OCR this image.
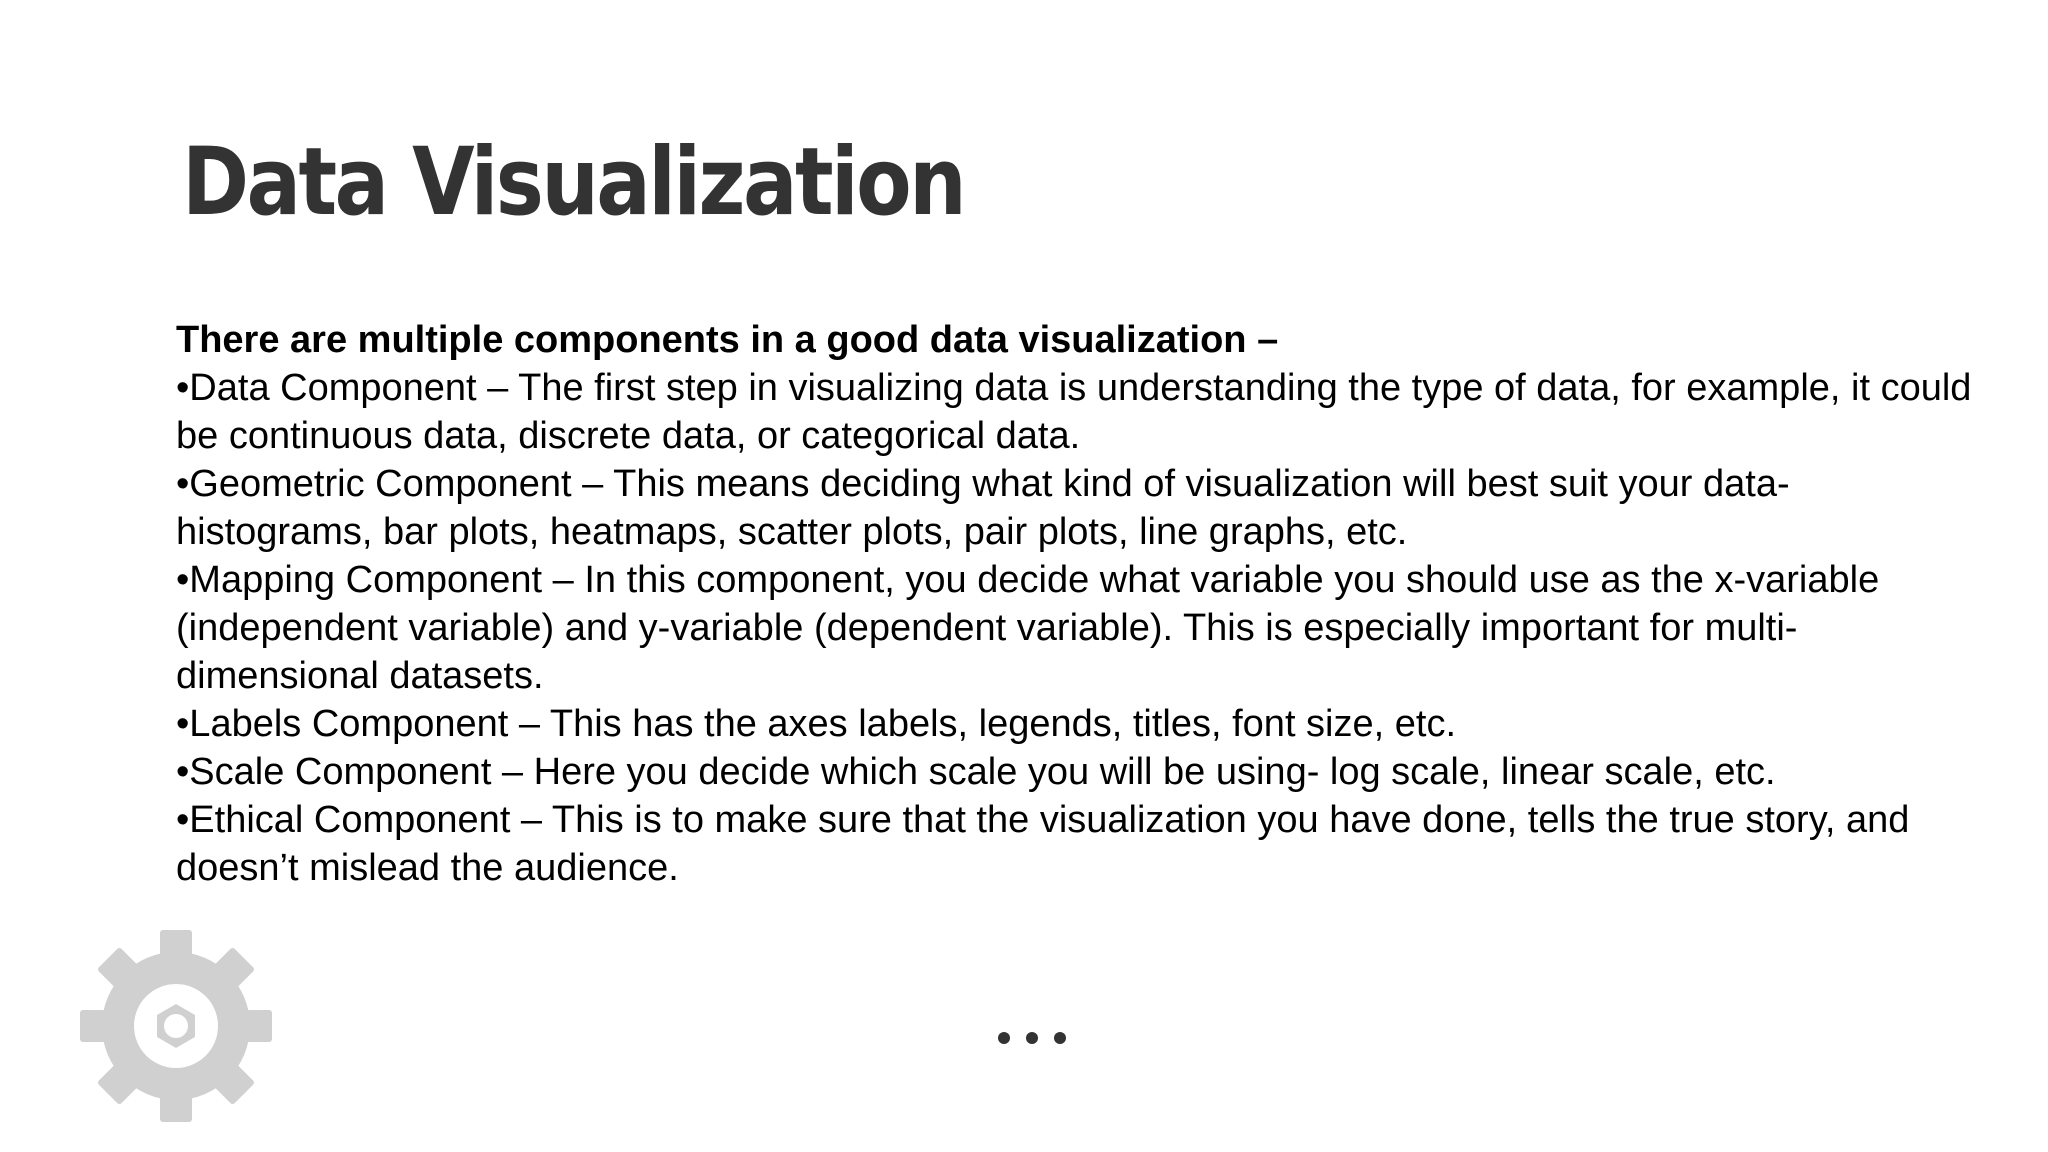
Data Visualization

There are multiple components in a good data visualization –

•Data Component – The first step in visualizing data is understanding the type of data, for example, it could be continuous data, discrete data, or categorical data.

•Geometric Component – This means deciding what kind of visualization will best suit your data- histograms, bar plots, heatmaps, scatter plots, pair plots, line graphs, etc.

•Mapping Component – In this component, you decide what variable you should use as the x-variable (independent variable) and y-variable (dependent variable). This is especially important for multi- dimensional datasets.

•Labels Component – This has the axes labels, legends, titles, font size, etc.

•Scale Component – Here you decide which scale you will be using- log scale, linear scale, etc.

•Ethical Component – This is to make sure that the visualization you have done, tells the true story, and doesn’t mislead the audience.
